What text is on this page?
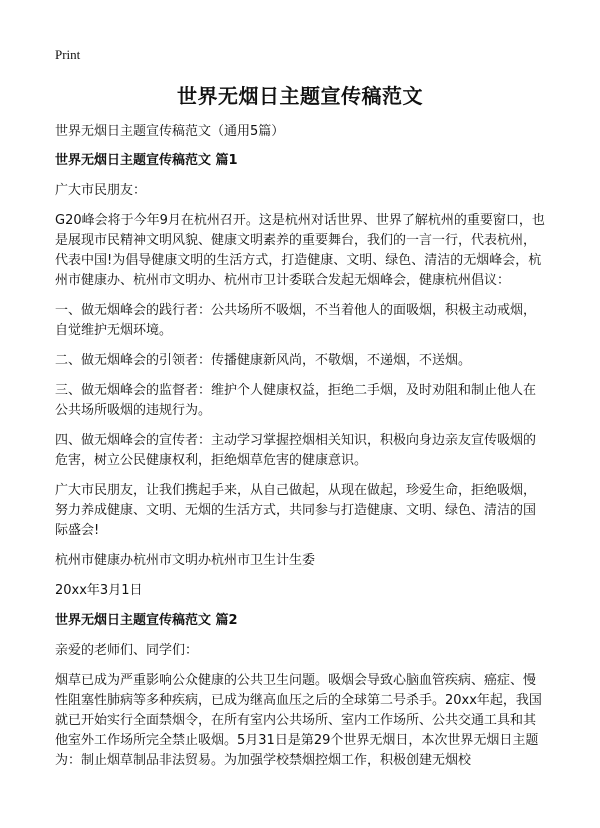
Print
世界无烟日主题宣传稿范文

世界无烟日主题宣传稿范文（通用5篇）

世界无烟日主题宣传稿范文 篇1

广大市民朋友：

G20峰会将于今年9月在杭州召开。这是杭州对话世界、世界了解杭州的重要窗口，也是展现市民精神文明风貌、健康文明素养的重要舞台，我们的一言一行，代表杭州，代表中国!为倡导健康文明的生活方式，打造健康、文明、绿色、清洁的无烟峰会，杭州市健康办、杭州市文明办、杭州市卫计委联合发起无烟峰会，健康杭州倡议：

一、做无烟峰会的践行者：公共场所不吸烟，不当着他人的面吸烟，积极主动戒烟，自觉维护无烟环境。

二、做无烟峰会的引领者：传播健康新风尚，不敬烟，不递烟，不送烟。

三、做无烟峰会的监督者：维护个人健康权益，拒绝二手烟，及时劝阻和制止他人在公共场所吸烟的违规行为。

四、做无烟峰会的宣传者：主动学习掌握控烟相关知识，积极向身边亲友宣传吸烟的危害，树立公民健康权利，拒绝烟草危害的健康意识。

广大市民朋友，让我们携起手来，从自己做起，从现在做起，珍爱生命，拒绝吸烟，努力养成健康、文明、无烟的生活方式，共同参与打造健康、文明、绿色、清洁的国际盛会!

杭州市健康办杭州市文明办杭州市卫生计生委

20xx年3月1日

世界无烟日主题宣传稿范文 篇2

亲爱的老师们、同学们：

烟草已成为严重影响公众健康的公共卫生问题。吸烟会导致心脑血管疾病、癌症、慢性阻塞性肺病等多种疾病，已成为继高血压之后的全球第二号杀手。20xx年起，我国就已开始实行全面禁烟令，在所有室内公共场所、室内工作场所、公共交通工具和其他室外工作场所完全禁止吸烟。5月31日是第29个世界无烟日，本次世界无烟日主题为：制止烟草制品非法贸易。为加强学校禁烟控烟工作，积极创建无烟校
